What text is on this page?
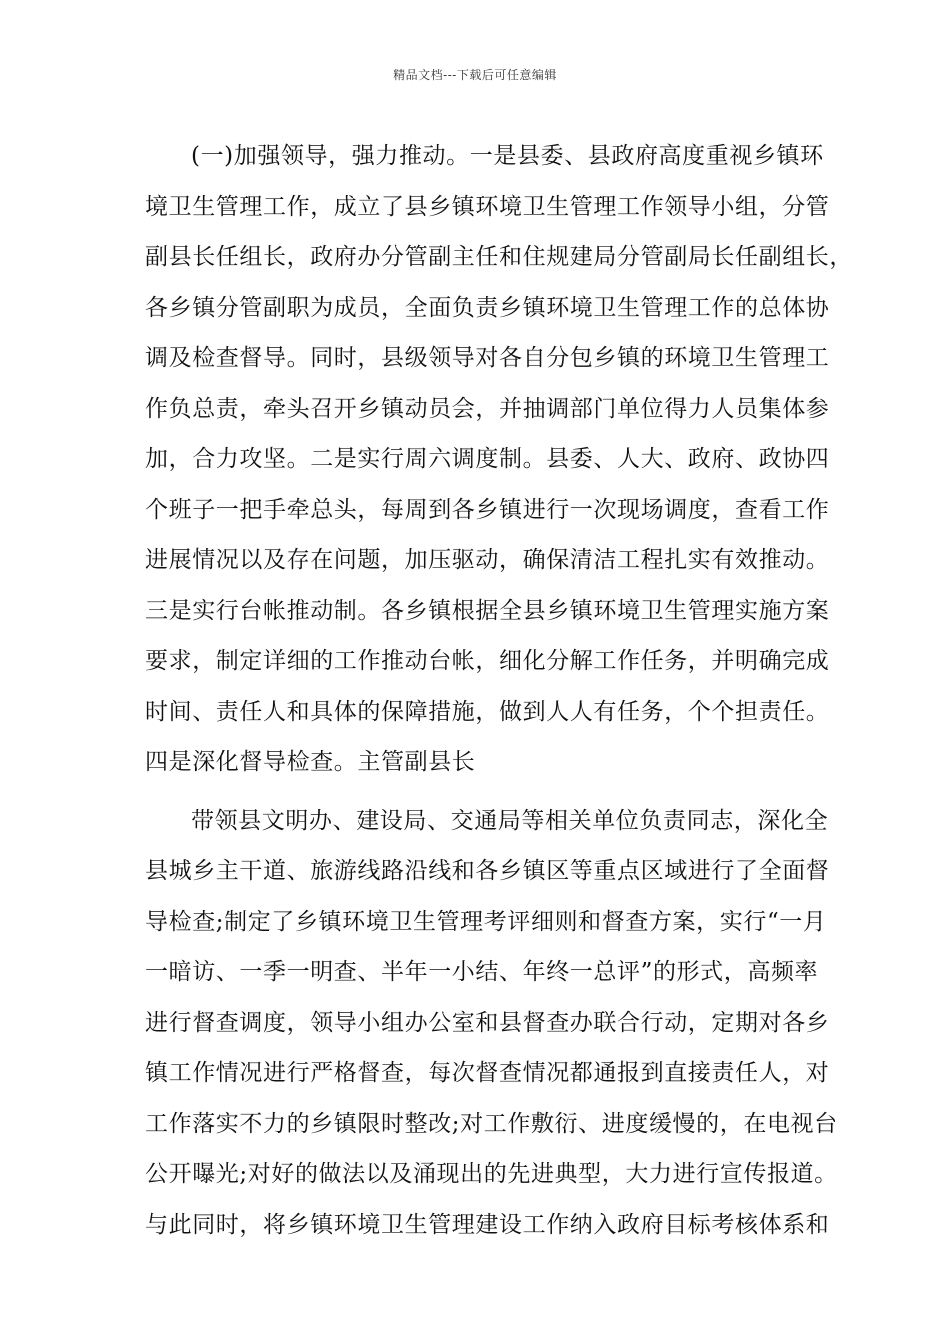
精品文档---下载后可任意编辑
(一)加强领导，强力推动。一是县委、县政府高度重视乡镇环
境卫生管理工作，成立了县乡镇环境卫生管理工作领导小组，分管
副县长任组长，政府办分管副主任和住规建局分管副局长任副组长，
各乡镇分管副职为成员，全面负责乡镇环境卫生管理工作的总体协
调及检查督导。同时，县级领导对各自分包乡镇的环境卫生管理工
作负总责，牵头召开乡镇动员会，并抽调部门单位得力人员集体参
加，合力攻坚。二是实行周六调度制。县委、人大、政府、政协四
个班子一把手牵总头，每周到各乡镇进行一次现场调度，查看工作
进展情况以及存在问题，加压驱动，确保清洁工程扎实有效推动。
三是实行台帐推动制。各乡镇根据全县乡镇环境卫生管理实施方案
要求，制定详细的工作推动台帐，细化分解工作任务，并明确完成
时间、责任人和具体的保障措施，做到人人有任务，个个担责任。
四是深化督导检查。主管副县长
带领县文明办、建设局、交通局等相关单位负责同志，深化全
县城乡主干道、旅游线路沿线和各乡镇区等重点区域进行了全面督
导检查;制定了乡镇环境卫生管理考评细则和督查方案，实行“一月
一暗访、一季一明查、半年一小结、年终一总评”的形式，高频率
进行督查调度，领导小组办公室和县督查办联合行动，定期对各乡
镇工作情况进行严格督查，每次督查情况都通报到直接责任人，对
工作落实不力的乡镇限时整改;对工作敷衍、进度缓慢的，在电视台
公开曝光;对好的做法以及涌现出的先进典型，大力进行宣传报道。
与此同时，将乡镇环境卫生管理建设工作纳入政府目标考核体系和
